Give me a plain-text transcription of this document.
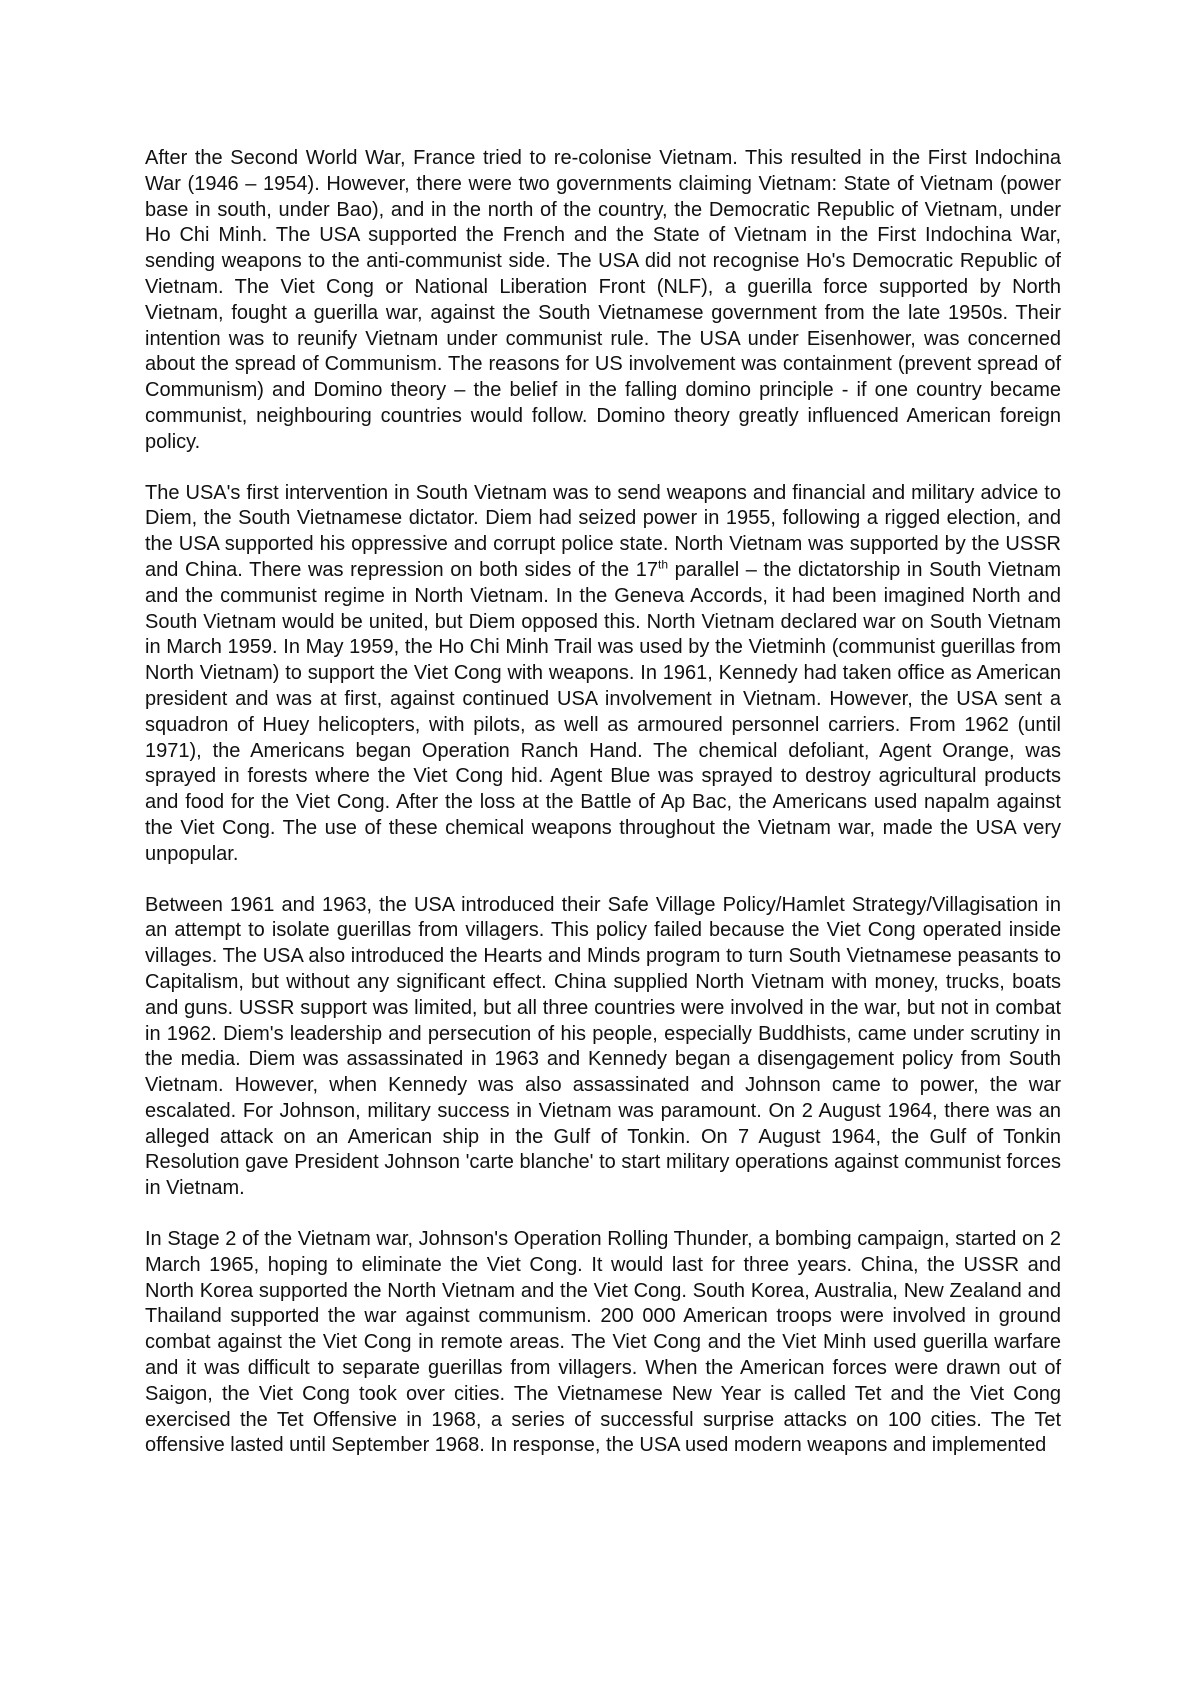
After the Second World War, France tried to re-colonise Vietnam. This resulted in the First Indochina War (1946 – 1954). However, there were two governments claiming Vietnam: State of Vietnam (power base in south, under Bao), and in the north of the country, the Democratic Republic of Vietnam, under Ho Chi Minh. The USA supported the French and the State of Vietnam in the First Indochina War, sending weapons to the anti-communist side. The USA did not recognise Ho's Democratic Republic of Vietnam. The Viet Cong or National Liberation Front (NLF), a guerilla force supported by North Vietnam, fought a guerilla war, against the South Vietnamese government from the late 1950s. Their intention was to reunify Vietnam under communist rule. The USA under Eisenhower, was concerned about the spread of Communism. The reasons for US involvement was containment (prevent spread of Communism) and Domino theory – the belief in the falling domino principle - if one country became communist, neighbouring countries would follow. Domino theory greatly influenced American foreign policy.

The USA's first intervention in South Vietnam was to send weapons and financial and military advice to Diem, the South Vietnamese dictator. Diem had seized power in 1955, following a rigged election, and the USA supported his oppressive and corrupt police state. North Vietnam was supported by the USSR and China. There was repression on both sides of the 17th parallel – the dictatorship in South Vietnam and the communist regime in North Vietnam. In the Geneva Accords, it had been imagined North and South Vietnam would be united, but Diem opposed this. North Vietnam declared war on South Vietnam in March 1959. In May 1959, the Ho Chi Minh Trail was used by the Vietminh (communist guerillas from North Vietnam) to support the Viet Cong with weapons. In 1961, Kennedy had taken office as American president and was at first, against continued USA involvement in Vietnam. However, the USA sent a squadron of Huey helicopters, with pilots, as well as armoured personnel carriers. From 1962 (until 1971), the Americans began Operation Ranch Hand. The chemical defoliant, Agent Orange, was sprayed in forests where the Viet Cong hid. Agent Blue was sprayed to destroy agricultural products and food for the Viet Cong. After the loss at the Battle of Ap Bac, the Americans used napalm against the Viet Cong. The use of these chemical weapons throughout the Vietnam war, made the USA very unpopular.

Between 1961 and 1963, the USA introduced their Safe Village Policy/Hamlet Strategy/Villagisation in an attempt to isolate guerillas from villagers. This policy failed because the Viet Cong operated inside villages. The USA also introduced the Hearts and Minds program to turn South Vietnamese peasants to Capitalism, but without any significant effect. China supplied North Vietnam with money, trucks, boats and guns. USSR support was limited, but all three countries were involved in the war, but not in combat in 1962. Diem's leadership and persecution of his people, especially Buddhists, came under scrutiny in the media. Diem was assassinated in 1963 and Kennedy began a disengagement policy from South Vietnam. However, when Kennedy was also assassinated and Johnson came to power, the war escalated. For Johnson, military success in Vietnam was paramount. On 2 August 1964, there was an alleged attack on an American ship in the Gulf of Tonkin. On 7 August 1964, the Gulf of Tonkin Resolution gave President Johnson 'carte blanche' to start military operations against communist forces in Vietnam.

In Stage 2 of the Vietnam war, Johnson's Operation Rolling Thunder, a bombing campaign, started on 2 March 1965, hoping to eliminate the Viet Cong. It would last for three years. China, the USSR and North Korea supported the North Vietnam and the Viet Cong. South Korea, Australia, New Zealand and Thailand supported the war against communism. 200 000 American troops were involved in ground combat against the Viet Cong in remote areas. The Viet Cong and the Viet Minh used guerilla warfare and it was difficult to separate guerillas from villagers. When the American forces were drawn out of Saigon, the Viet Cong took over cities. The Vietnamese New Year is called Tet and the Viet Cong exercised the Tet Offensive in 1968, a series of successful surprise attacks on 100 cities. The Tet offensive lasted until September 1968. In response, the USA used modern weapons and implemented
